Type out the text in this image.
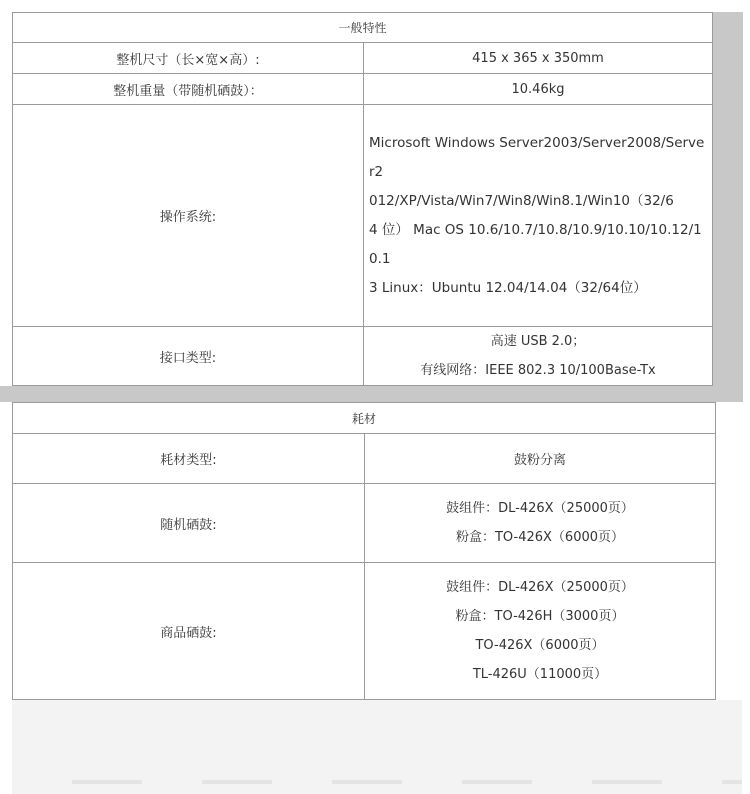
一般特性	
整机尺寸（长×宽×高）:	415 x 365 x 350mm
整机重量（带随机硒鼓）：	10.46kg
操作系统:	Microsoft Windows Server2003/Server2008/Server2
012/XP/Vista/Win7/Win8/Win8.1/Win10（32/6
4 位） Mac OS 10.6/10.7/10.8/10.9/10.10/10.12/10.1
3 Linux：Ubuntu 12.04/14.04（32/64位）

接口类型:	高速 USB 2.0；
有线网络：IEEE 802.3 10/100Base-Tx
耗材	
耗材类型:	鼓粉分离
随机硒鼓:	鼓组件：DL-426X（25000页）
粉盒：TO-426X（6000页）

商品硒鼓:	鼓组件：DL-426X（25000页）
粉盒：TO-426H（3000页）
TO-426X（6000页）
TL-426U（11000页）
